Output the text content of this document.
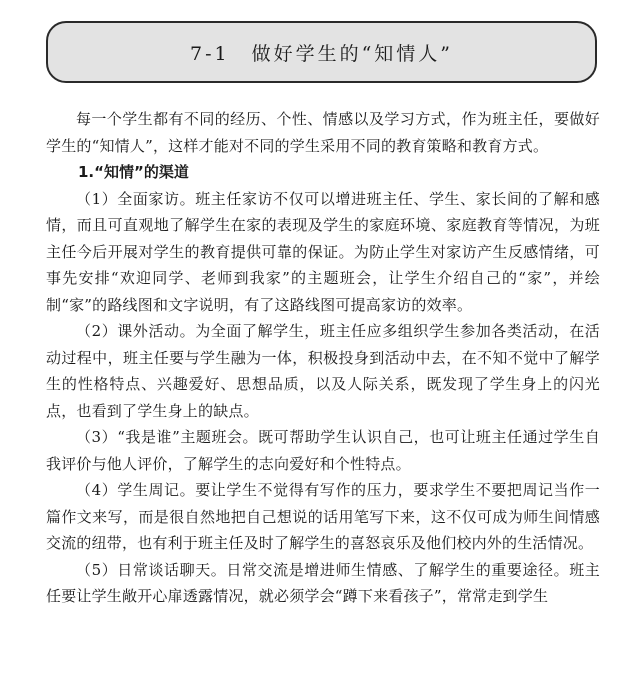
7-1　做好学生的“知情人”

每一个学生都有不同的经历、个性、情感以及学习方式，作为班主任，要做好学生的“知情人”，这样才能对不同的学生采用不同的教育策略和教育方式。

1.“知情”的渠道

（1）全面家访。班主任家访不仅可以增进班主任、学生、家长间的了解和感情，而且可直观地了解学生在家的表现及学生的家庭环境、家庭教育等情况，为班主任今后开展对学生的教育提供可靠的保证。为防止学生对家访产生反感情绪，可事先安排“欢迎同学、老师到我家”的主题班会，让学生介绍自己的“家”，并绘制“家”的路线图和文字说明，有了这路线图可提高家访的效率。

（2）课外活动。为全面了解学生，班主任应多组织学生参加各类活动，在活动过程中，班主任要与学生融为一体，积极投身到活动中去，在不知不觉中了解学生的性格特点、兴趣爱好、思想品质，以及人际关系，既发现了学生身上的闪光点，也看到了学生身上的缺点。

（3）“我是谁”主题班会。既可帮助学生认识自己，也可让班主任通过学生自我评价与他人评价，了解学生的志向爱好和个性特点。

（4）学生周记。要让学生不觉得有写作的压力，要求学生不要把周记当作一篇作文来写，而是很自然地把自己想说的话用笔写下来，这不仅可成为师生间情感交流的纽带，也有利于班主任及时了解学生的喜怒哀乐及他们校内外的生活情况。

（5）日常谈话聊天。日常交流是增进师生情感、了解学生的重要途径。班主任要让学生敞开心扉透露情况，就必须学会“蹲下来看孩子”，常常走到学生
